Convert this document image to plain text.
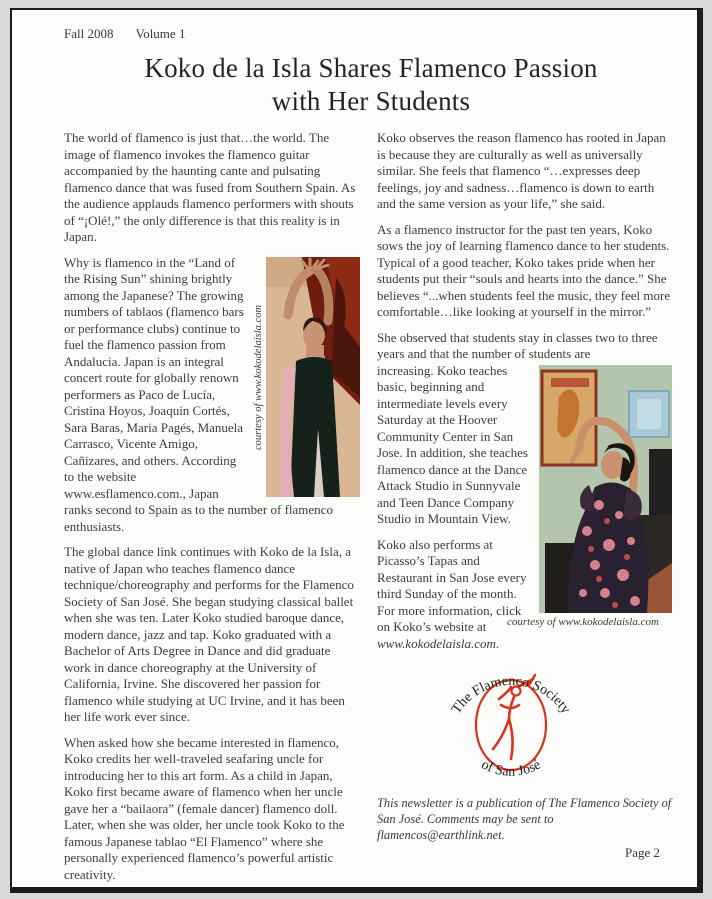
Fall 2008 Volume 1
Koko de la Isla Shares Flamenco Passion
with Her Students

The world of flamenco is just that…the world. The image of flamenco invokes the flamenco guitar accompanied by the haunting cante and pulsating flamenco dance that was fused from Southern Spain. As the audience applauds flamenco performers with shouts of “¡Olé!,” the only difference is that this reality is in Japan.

courtesy of www.kokodelaisla.com

Why is flamenco in the “Land of the Rising Sun” shining brightly among the Japanese? The growing numbers of tablaos (flamenco bars or performance clubs) continue to fuel the flamenco passion from Andalucia. Japan is an integral concert route for globally renown performers as Paco de Lucía, Cristina Hoyos, Joaquin Cortés, Sara Baras, Maria Pagés, Manuela Carrasco, Vicente Amigo, Cañizares, and others. According to the website www.esflamenco.com., Japan ranks second to Spain as to the number of flamenco enthusiasts.

The global dance link continues with Koko de la Isla, a native of Japan who teaches flamenco dance technique/choreography and performs for the Flamenco Society of San José. She began studying classical ballet when she was ten. Later Koko studied baroque dance, modern dance, jazz and tap. Koko graduated with a Bachelor of Arts Degree in Dance and did graduate work in dance choreography at the University of California, Irvine. She discovered her passion for flamenco while studying at UC Irvine, and it has been her life work ever since.

When asked how she became interested in flamenco, Koko credits her well-traveled seafaring uncle for introducing her to this art form. As a child in Japan, Koko first became aware of flamenco when her uncle gave her a “bailaora” (female dancer) flamenco doll. Later, when she was older, her uncle took Koko to the famous Japanese tablao “El Flamenco” where she personally experienced flamenco’s powerful artistic creativity.

Koko observes the reason flamenco has rooted in Japan is because they are culturally as well as universally similar. She feels that flamenco “…expresses deep feelings, joy and sadness…flamenco is down to earth and the same version as your life,” she said.

As a flamenco instructor for the past ten years, Koko sows the joy of learning flamenco dance to her students. Typical of a good teacher, Koko takes pride when her students put their “souls and hearts into the dance.” She believes “...when students feel the music, they feel more comfortable…like looking at yourself in the mirror.”

She observed that students stay in classes two to three years and that the number of students are

courtesy of www.kokodelaisla.com

increasing. Koko teaches basic, beginning and intermediate levels every Saturday at the Hoover Community Center in San Jose. In addition, she teaches flamenco dance at the Dance Attack Studio in Sunnyvale and Teen Dance Company Studio in Mountain View.

Koko also performs at Picasso’s Tapas and Restaurant in San Jose every third Sunday of the month. For more information, click on Koko’s website at www.kokodelaisla.com.

The Flamenco Society
of San José
This newsletter is a publication of The Flamenco Society of San José. Comments may be sent to flamencos@earthlink.net.
Page 2
